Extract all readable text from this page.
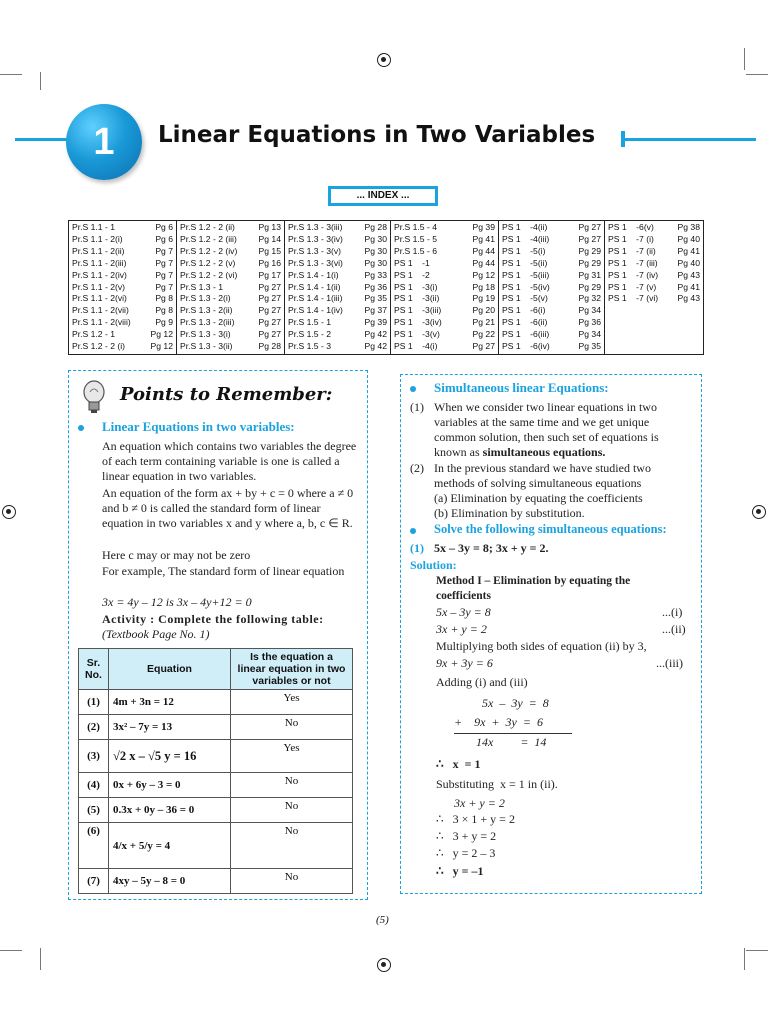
1 Linear Equations in Two Variables
... INDEX ...
Pr.S 1.1 - 1	Pg 6
Pr.S 1.1 - 2(i)	Pg 6
Pr.S 1.1 - 2(ii)	Pg 7
Pr.S 1.1 - 2(iii)	Pg 7
Pr.S 1.1 - 2(iv)	Pg 7
Pr.S 1.1 - 2(v)	Pg 7
Pr.S 1.1 - 2(vi)	Pg 8
Pr.S 1.1 - 2(vii)	Pg 8
Pr.S 1.1 - 2(viii)	Pg 9
Pr.S 1.2 - 1	Pg 12
Pr.S 1.2 - 2 (i)	Pg 12
Pr.S 1.2 - 2 (ii)	Pg 13
Pr.S 1.2 - 2 (iii)	Pg 14
Pr.S 1.2 - 2 (iv) Pg 15
Pr.S 1.2 - 2 (v)	Pg 16
Pr.S 1.2 - 2 (vi) Pg 17
Pr.S 1.3 - 1	Pg 27
Pr.S 1.3 - 2(i)	Pg 27
Pr.S 1.3 - 2(ii)	Pg 27
Pr.S 1.3 - 2(iii)	Pg 27
Pr.S 1.3 - 3(i)	Pg 27
Pr.S 1.3 - 3(ii)	Pg 28
Pr.S 1.3 - 3(iii)	Pg 28
Pr.S 1.3 - 3(iv)	Pg 30
Pr.S 1.3 - 3(v)	Pg 30
Pr.S 1.3 - 3(vi)	Pg 30
Pr.S 1.4 - 1(i)	Pg 33
Pr.S 1.4 - 1(ii)	Pg 36
Pr.S 1.4 - 1(iii)	Pg 35
Pr.S 1.4 - 1(iv)	Pg 37
Pr.S 1.5 - 1	Pg 39
Pr.S 1.5 - 2	Pg 42
Pr.S 1.5 - 3	Pg 42
Pr.S 1.5 - 4	Pg 39
Pr.S 1.5 - 5	Pg 41
Pr.S 1.5 - 6	Pg 44
PS 1    -1	Pg 44
PS 1    -2	Pg 12
PS 1    -3(i)	Pg 18
PS 1    -3(ii)	Pg 19
PS 1    -3(iii)	Pg 20
PS 1    -3(iv)	Pg 21
PS 1    -3(v)	Pg 22
PS 1    -4(i)	Pg 27
PS 1    -4(ii)	Pg 27
PS 1    -4(iii)	Pg 27
PS 1    -5(i)	Pg 29
PS 1    -5(ii)	Pg 29
PS 1    -5(iii)	Pg 31
PS 1    -5(iv)	Pg 29
PS 1    -5(v)	Pg 32
PS 1    -6(i)	Pg 34
PS 1    -6(ii)	Pg 36
PS 1    -6(iii)	Pg 34
PS 1    -6(iv)	Pg 35
PS 1    -6(v)	Pg 38
PS 1    -7 (i)	Pg 40
PS 1    -7 (ii)	Pg 41
PS 1    -7 (iii) Pg 40
PS 1    -7 (iv) Pg 43
PS 1    -7 (v) Pg 41
PS 1    -7 (vi) Pg 43
Points to Remember:
Linear Equations in two variables:
An equation which contains two variables the degree of each term containing variable is one is called a linear equation in two variables.
An equation of the form ax + by + c = 0 where a ≠ 0 and b ≠ 0 is called the standard form of linear equation in two variables x and y where a, b, c ∈ R.
Here c may or may not be zero
For example, The standard form of linear equation
3x = 4y – 12 is 3x – 4y+12 = 0
Activity : Complete the following table:
(Textbook Page No. 1)
Sr. No.	Equation	Is the equation a linear equation in two variables or not
(1)	4m + 3n = 12	Yes
(2)	3x² – 7y = 13	No
(3)	√2 x – √5 y = 16	Yes
(4)	0x + 6y – 3 = 0	No
(5)	0.3x + 0y – 36 = 0	No
(6)	4/x + 5/y = 4	No
(7)	4xy – 5y – 8 = 0	No
Simultaneous linear Equations:
(1) When we consider two linear equations in two
variables at the same time and we get unique
common solution, then such set of equations is
known as simultaneous equations.
(2) In the previous standard we have studied two
methods of solving simultaneous equations
(a) Elimination by equating the coefficients
(b) Elimination by substitution.
Solve the following simultaneous equations:
(1) 5x – 3y = 8; 3x + y = 2.
Solution:
Method I – Elimination by equating the
coefficients
5x – 3y = 8	...(i)
3x + y = 2	...(ii)
Multiplying both sides of equation (ii) by 3,
9x + 3y = 6	...(iii)
Adding (i) and (iii)
5x  –  3y  =  8
+    9x  +  3y  =  6
14x         =  14
∴   x  = 1
Substituting  x = 1 in (ii).
3x + y = 2
∴   3 × 1 + y = 2
∴   3 + y = 2
∴   y = 2 – 3
∴   y = –1
(5)
